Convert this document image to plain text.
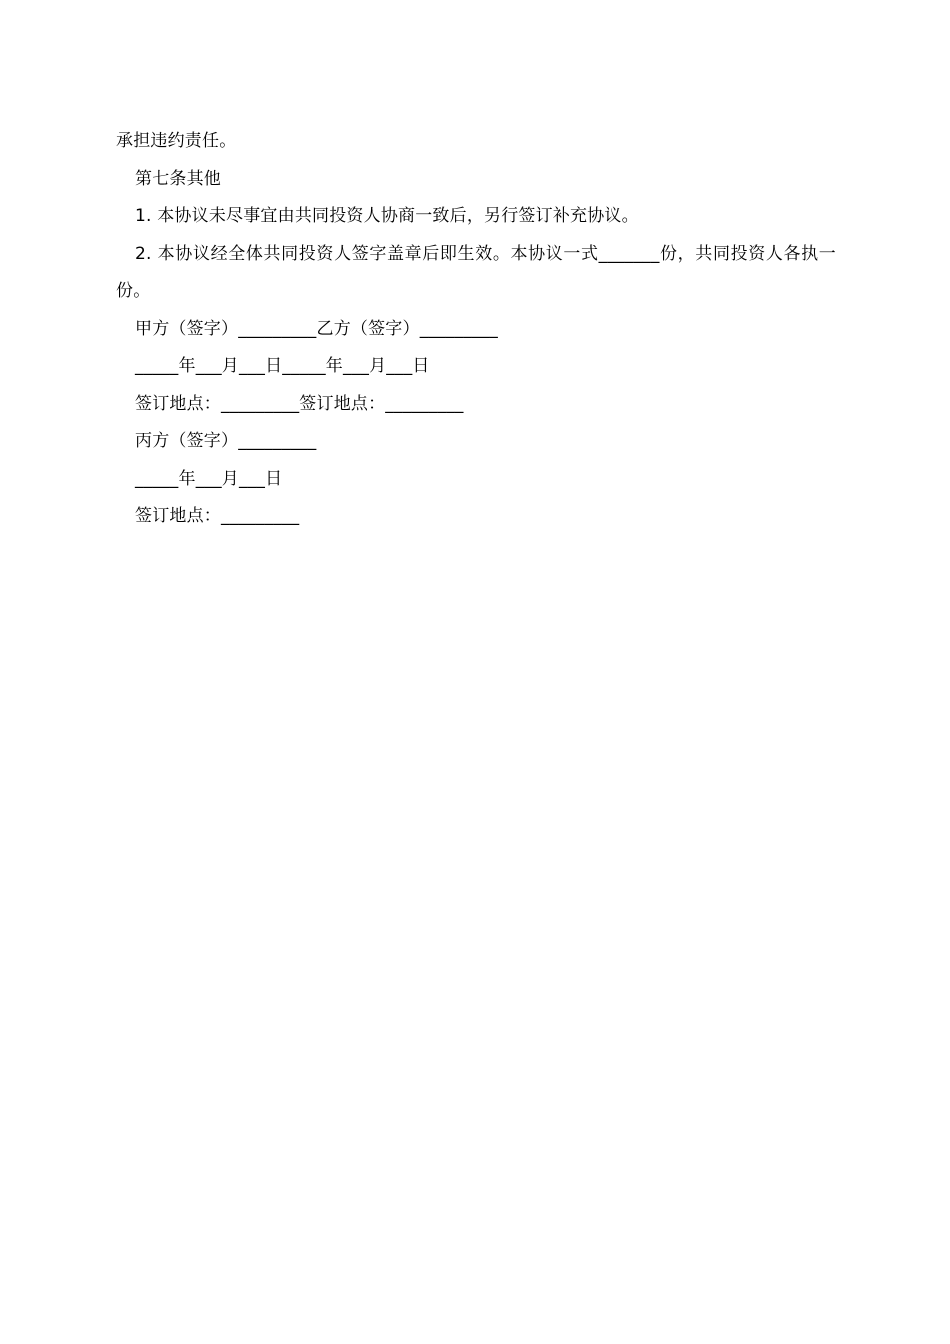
承担违约责任。

第七条其他

1. 本协议未尽事宜由共同投资人协商一致后，另行签订补充协议。

2. 本协议经全体共同投资人签字盖章后即生效。本协议一式_______份，共同投资人各执一份。

甲方（签字）_________乙方（签字）_________

_____年___月___日_____年___月___日

签订地点：_________签订地点：_________

丙方（签字）_________

_____年___月___日

签订地点：_________
